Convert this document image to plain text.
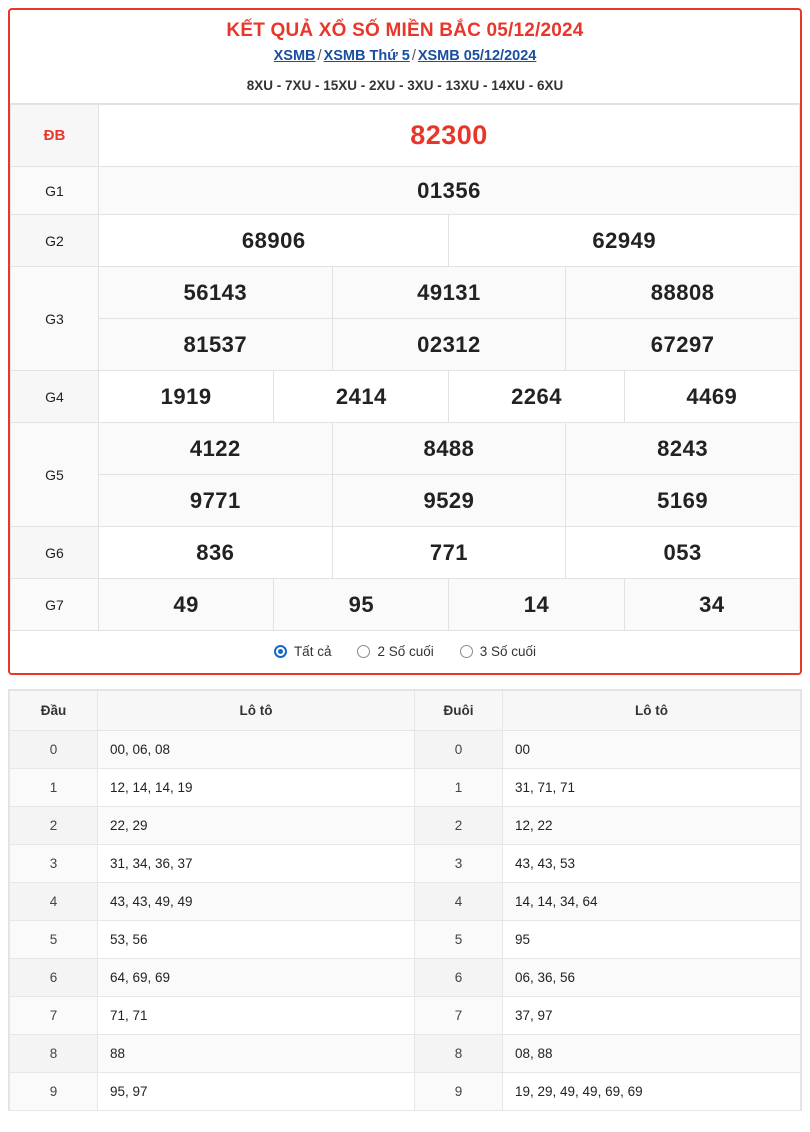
KẾT QUẢ XỔ SỐ MIỀN BẮC 05/12/2024
XSMB / XSMB Thứ 5 / XSMB 05/12/2024
8XU - 7XU - 15XU - 2XU - 3XU - 13XU - 14XU - 6XU
ĐB	82300					
G1	01356					
G2	68906			62949		
G3	56143		49131		88808	
	81537		02312		67297	
G4	1919	2414		2264		4469
G5	4122		8488		8243	
	9771		9529		5169	
G6	836		771		053	
G7	49	95		14		34
Tất cả	2 Số cuối	3 Số cuối
Đầu	Lô tô	Đuôi	Lô tô
0	00, 06, 08	0	00
1	12, 14, 14, 19	1	31, 71, 71
2	22, 29	2	12, 22
3	31, 34, 36, 37	3	43, 43, 53
4	43, 43, 49, 49	4	14, 14, 34, 64
5	53, 56	5	95
6	64, 69, 69	6	06, 36, 56
7	71, 71	7	37, 97
8	88	8	08, 88
9	95, 97	9	19, 29, 49, 49, 69, 69
